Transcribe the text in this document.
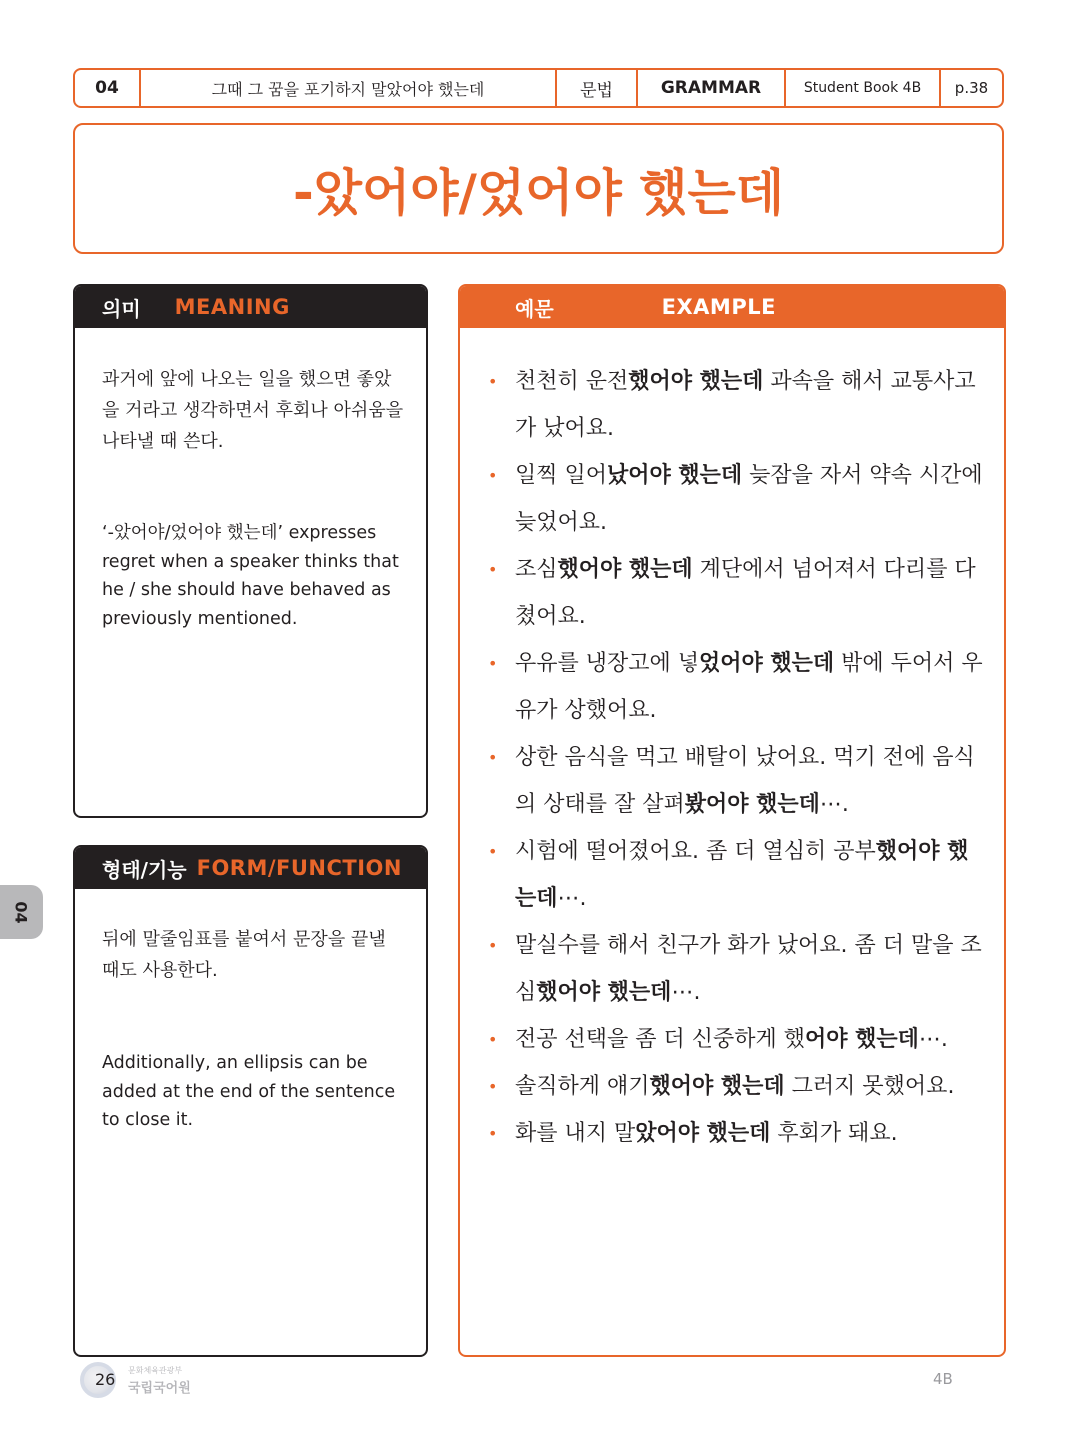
04	그때 그 꿈을 포기하지 말았어야 했는데	문법	GRAMMAR	Student Book 4B	p.38
-았어야/었어야 했는데
의미 MEANING
과거에 앞에 나오는 일을 했으면 좋았을 거라고 생각하면서 후회나 아쉬움을 나타낼 때 쓴다.
‘-았어야/었어야 했는데’ expresses regret when a speaker thinks that he / she should have behaved as previously mentioned.
형태/기능 FORM/FUNCTION
뒤에 말줄임표를 붙여서 문장을 끝낼 때도 사용한다.
Additionally, an ellipsis can be added at the end of the sentence to close it.
예문	EXAMPLE
• 천천히 운전했어야 했는데 과속을 해서 교통사고가 났어요.
• 일찍 일어났어야 했는데 늦잠을 자서 약속 시간에 늦었어요.
• 조심했어야 했는데 계단에서 넘어져서 다리를 다쳤어요.
• 우유를 냉장고에 넣었어야 했는데 밖에 두어서 우유가 상했어요.
• 상한 음식을 먹고 배탈이 났어요. 먹기 전에 음식의 상태를 잘 살펴봤어야 했는데⋯.
• 시험에 떨어졌어요. 좀 더 열심히 공부했어야 했는데⋯.
• 말실수를 해서 친구가 화가 났어요. 좀 더 말을 조심했어야 했는데⋯.
• 전공 선택을 좀 더 신중하게 했어야 했는데⋯.
• 솔직하게 얘기했어야 했는데 그러지 못했어요.
• 화를 내지 말았어야 했는데 후회가 돼요.
04
26 문화체육관광부
국립국어원
4B
